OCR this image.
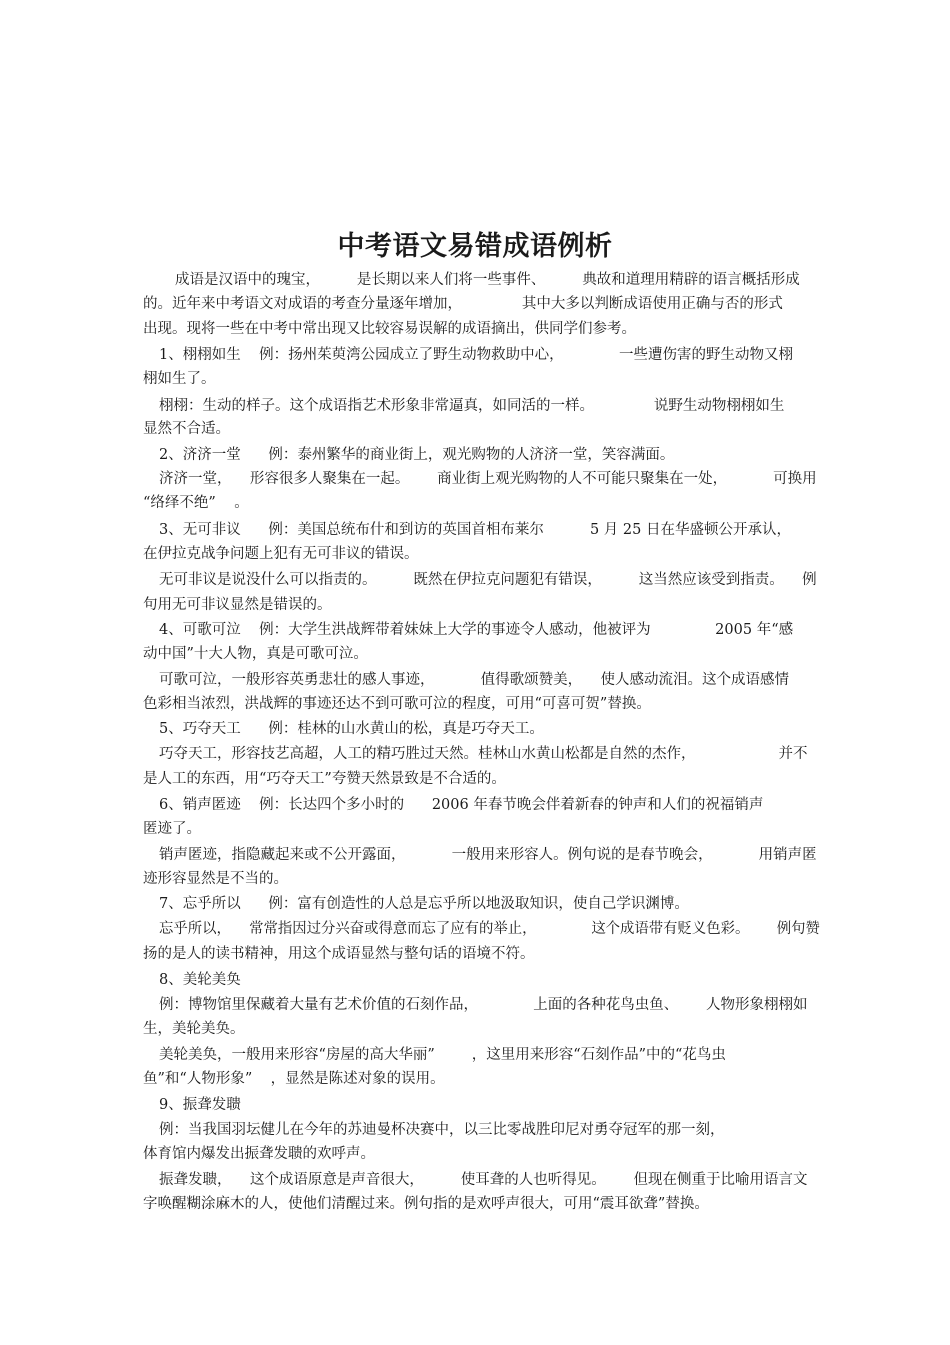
中考语文易错成语例析
成语是汉语中的瑰宝，        是长期以来人们将一些事件、        典故和道理用精辟的语言概括形成
的。近年来中考语文对成语的考查分量逐年增加，             其中大多以判断成语使用正确与否的形式
出现。现将一些在中考中常出现又比较容易误解的成语摘出，供同学们参考。
1、栩栩如生    例：扬州茱萸湾公园成立了野生动物救助中心，            一些遭伤害的野生动物又栩
栩如生了。
栩栩：生动的样子。这个成语指艺术形象非常逼真，如同活的一样。             说野生动物栩栩如生
显然不合适。
2、济济一堂      例：泰州繁华的商业街上，观光购物的人济济一堂，笑容满面。
济济一堂，    形容很多人聚集在一起。      商业街上观光购物的人不可能只聚集在一处，          可换用
“络绎不绝”    。
3、无可非议      例：美国总统布什和到访的英国首相布莱尔          5 月 25 日在华盛顿公开承认，
在伊拉克战争问题上犯有无可非议的错误。
无可非议是说没什么可以指责的。        既然在伊拉克问题犯有错误，        这当然应该受到指责。    例
句用无可非议显然是错误的。
4、可歌可泣    例：大学生洪战辉带着妹妹上大学的事迹令人感动，他被评为              2005 年“感
动中国”十大人物，真是可歌可泣。
可歌可泣，一般形容英勇悲壮的感人事迹，          值得歌颂赞美，    使人感动流泪。这个成语感情
色彩相当浓烈，洪战辉的事迹还达不到可歌可泣的程度，可用“可喜可贺”替换。
5、巧夺天工      例：桂林的山水黄山的松，真是巧夺天工。
巧夺天工，形容技艺高超，人工的精巧胜过天然。桂林山水黄山松都是自然的杰作，                  并不
是人工的东西，用“巧夺天工”夸赞天然景致是不合适的。
6、销声匿迹    例：长达四个多小时的      2006 年春节晚会伴着新春的钟声和人们的祝福销声
匿迹了。
销声匿迹，指隐藏起来或不公开露面，          一般用来形容人。例句说的是春节晚会，          用销声匿
迹形容显然是不当的。
7、忘乎所以      例：富有创造性的人总是忘乎所以地汲取知识，使自己学识渊博。
忘乎所以，    常常指因过分兴奋或得意而忘了应有的举止，            这个成语带有贬义色彩。      例句赞
扬的是人的读书精神，用这个成语显然与整句话的语境不符。
8、美轮美奂
例：博物馆里保藏着大量有艺术价值的石刻作品，            上面的各种花鸟虫鱼、      人物形象栩栩如
生，美轮美奂。
美轮美奂，一般用来形容“房屋的高大华丽”        ，这里用来形容“石刻作品”中的“花鸟虫
鱼”和“人物形象”    ，显然是陈述对象的误用。
9、振聋发聩
例：当我国羽坛健儿在今年的苏迪曼杯决赛中，以三比零战胜印尼对勇夺冠军的那一刻，
体育馆内爆发出振聋发聩的欢呼声。
振聋发聩，    这个成语原意是声音很大，        使耳聋的人也听得见。      但现在侧重于比喻用语言文
字唤醒糊涂麻木的人，使他们清醒过来。例句指的是欢呼声很大，可用“震耳欲聋”替换。
